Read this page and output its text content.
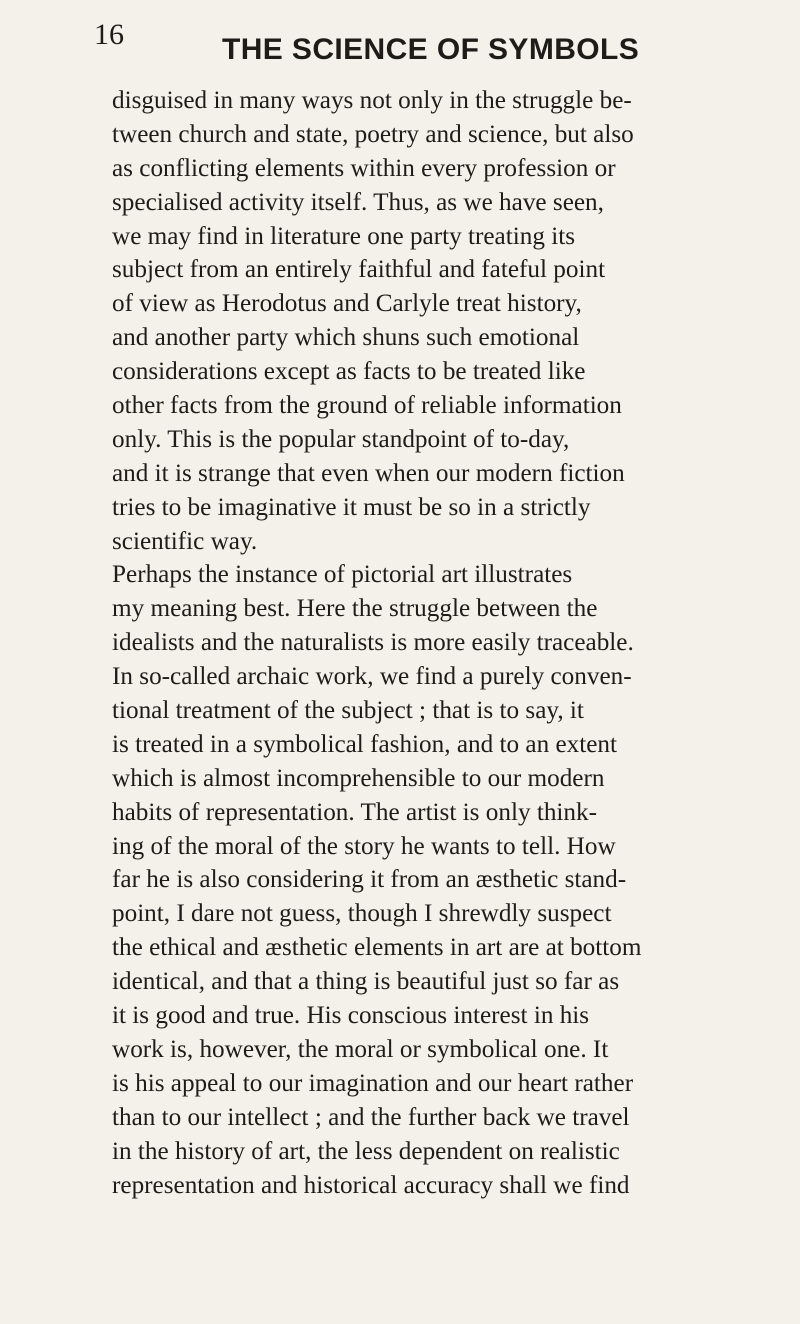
16	THE SCIENCE OF SYMBOLS
disguised in many ways not only in the struggle be-
tween church and state, poetry and science, but also
as conflicting elements within every profession or
specialised activity itself. Thus, as we have seen,
we may find in literature one party treating its
subject from an entirely faithful and fateful point
of view as Herodotus and Carlyle treat history,
and another party which shuns such emotional
considerations except as facts to be treated like
other facts from the ground of reliable information
only. This is the popular standpoint of to-day,
and it is strange that even when our modern fiction
tries to be imaginative it must be so in a strictly
scientific way.
Perhaps the instance of pictorial art illustrates
my meaning best. Here the struggle between the
idealists and the naturalists is more easily traceable.
In so-called archaic work, we find a purely conven-
tional treatment of the subject ; that is to say, it
is treated in a symbolical fashion, and to an extent
which is almost incomprehensible to our modern
habits of representation. The artist is only think-
ing of the moral of the story he wants to tell. How
far he is also considering it from an æsthetic stand-
point, I dare not guess, though I shrewdly suspect
the ethical and æsthetic elements in art are at bottom
identical, and that a thing is beautiful just so far as
it is good and true. His conscious interest in his
work is, however, the moral or symbolical one. It
is his appeal to our imagination and our heart rather
than to our intellect ; and the further back we travel
in the history of art, the less dependent on realistic
representation and historical accuracy shall we find
